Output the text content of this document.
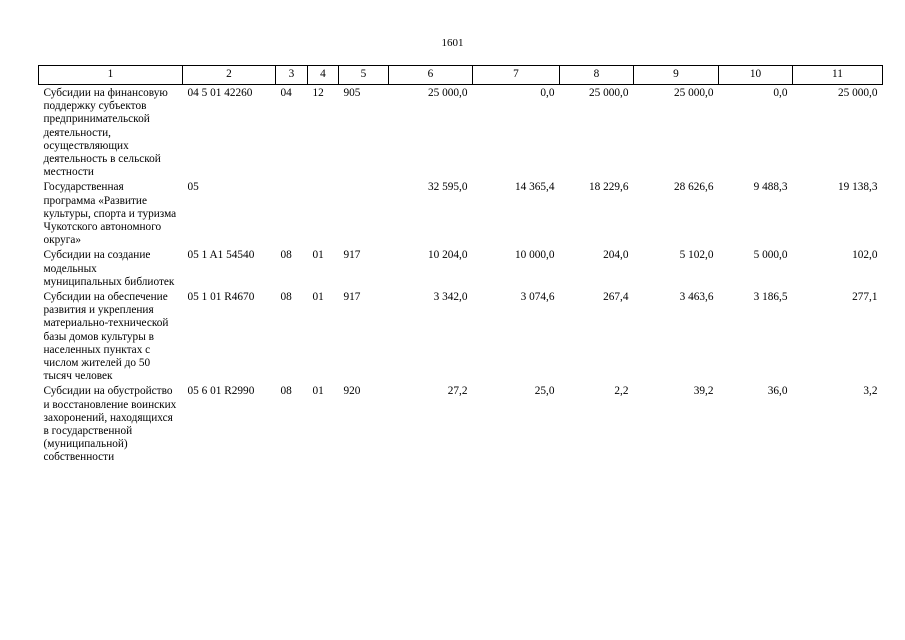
1601
1	2	3	4	5	6	7	8	9	10	11
Субсидии на финансовую поддержку субъектов предпринимательской деятельности, осуществляющих деятельность в сельской местности	04 5 01 42260	04	12	905	25 000,0	0,0	25 000,0	25 000,0	0,0	25 000,0
Государственная программа «Развитие культуры, спорта и туризма Чукотского автономного округа»	05				32 595,0	14 365,4	18 229,6	28 626,6	9 488,3	19 138,3
Субсидии на создание модельных муниципальных библиотек	05 1 A1 54540	08	01	917	10 204,0	10 000,0	204,0	5 102,0	5 000,0	102,0
Субсидии на обеспечение развития и укрепления материально-технической базы домов культуры в населенных пунктах с числом жителей до 50 тысяч человек	05 1 01 R4670	08	01	917	3 342,0	3 074,6	267,4	3 463,6	3 186,5	277,1
Субсидии на обустройство и восстановление воинских захоронений, находящихся в государственной (муниципальной) собственности	05 6 01 R2990	08	01	920	27,2	25,0	2,2	39,2	36,0	3,2
